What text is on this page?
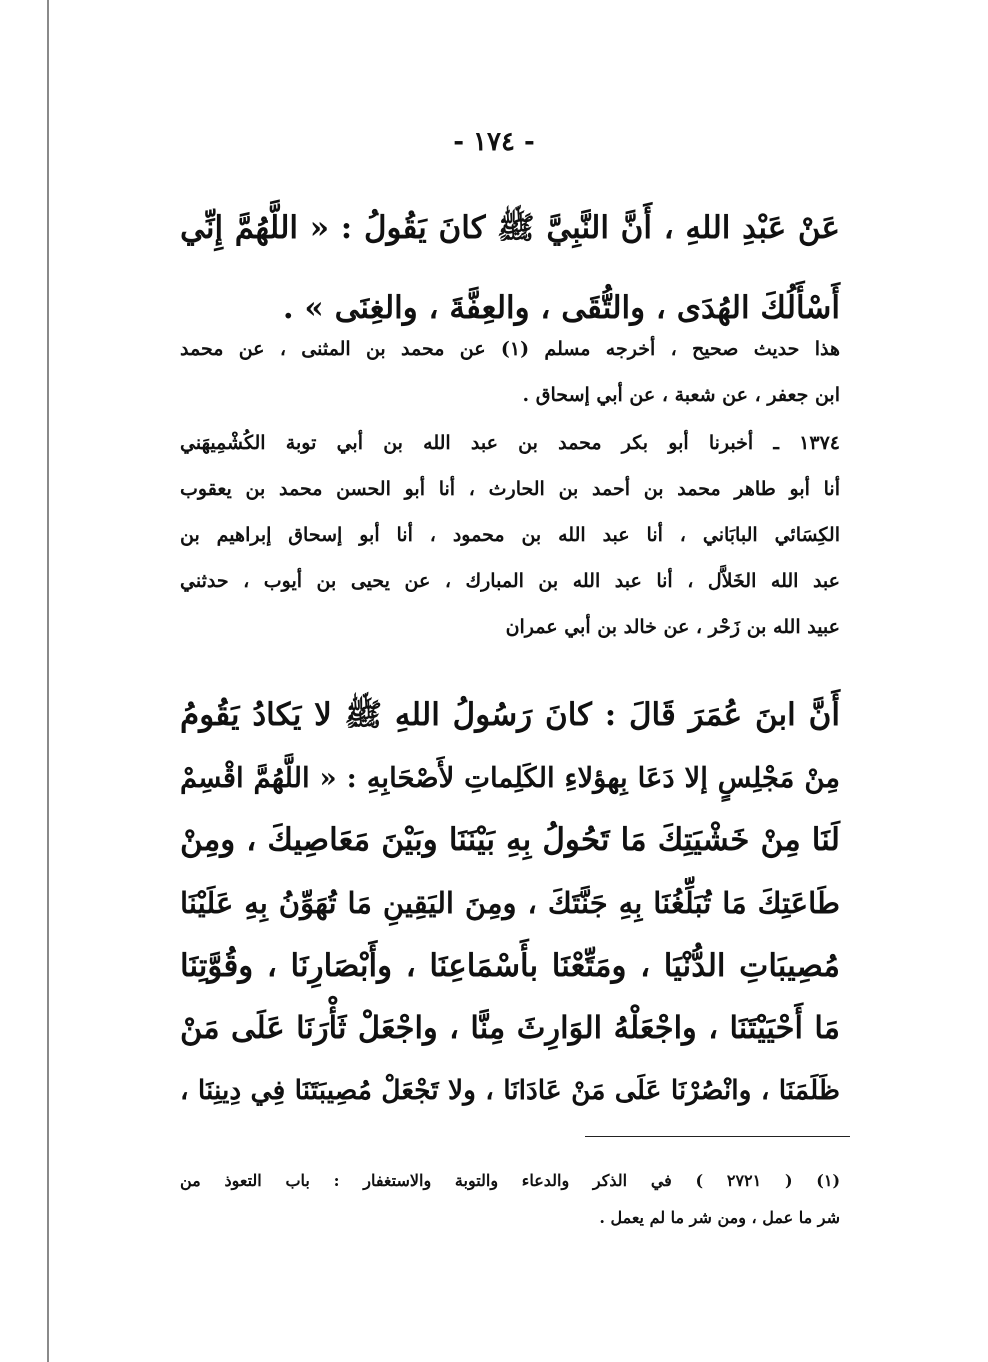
- ١٧٤ -
عَنْ عَبْدِ اللهِ ، أَنَّ النَّبِيَّ ﷺ كانَ يَقُولُ : « اللَّهُمَّ إِنِّي
أَسْأَلُكَ الهُدَى ، والتُّقَى ، والعِفَّةَ ، والغِنَى » .
هذا حديث صحيح ، أخرجه مسلم (١) عن محمد بن المثنى ، عن محمد
ابن جعفر ، عن شعبة ، عن أبي إسحاق .
١٣٧٤ ـ أخبرنا أبو بكر محمد بن عبد الله بن أبي توبة الكُشْمِيهَني
أنا أبو طاهر محمد بن أحمد بن الحارث ، أنا أبو الحسن محمد بن يعقوب
الكِسَائي البابَاني ، أنا عبد الله بن محمود ، أنا أبو إسحاق إبراهيم بن
عبد الله الخَلاَّل ، أنا عبد الله بن المبارك ، عن يحيى بن أيوب ، حدثني
عبيد الله بن زَحْر ، عن خالد بن أبي عمران
أَنَّ ابنَ عُمَرَ قَالَ : كانَ رَسُولُ اللهِ ﷺ لا يَكادُ يَقُومُ
مِنْ مَجْلِسٍ إلا دَعَا بِهؤلاءِ الكَلِماتِ لأَصْحَابِهِ : « اللَّهُمَّ اقْسِمْ
لَنَا مِنْ خَشْيَتِكَ مَا تَحُولُ بِهِ بَيْنَنَا وبَيْنَ مَعَاصِيكَ ، ومِنْ
طَاعَتِكَ مَا تُبَلِّغُنَا بِهِ جَنَّتَكَ ، ومِنَ اليَقِينِ مَا تُهَوِّنُ بِهِ عَلَيْنَا
مُصِيبَاتِ الدُّنْيَا ، ومَتِّعْنَا بأَسْمَاعِنَا ، وأَبْصَارِنَا ، وقُوَّتِنَا
مَا أَحْيَيْتَنَا ، واجْعَلْهُ الوَارِثَ مِنَّا ، واجْعَلْ ثَأْرَنَا عَلَى مَنْ
ظَلَمَنَا ، وانْصُرْنَا عَلَى مَنْ عَادَانَا ، ولا تَجْعَلْ مُصِيبَتَنَا فِي دِينِنَا ،
(١) ( ٢٧٢١ ) في الذكر والدعاء والتوبة والاستغفار : باب التعوذ من
شر ما عمل ، ومن شر ما لم يعمل .
